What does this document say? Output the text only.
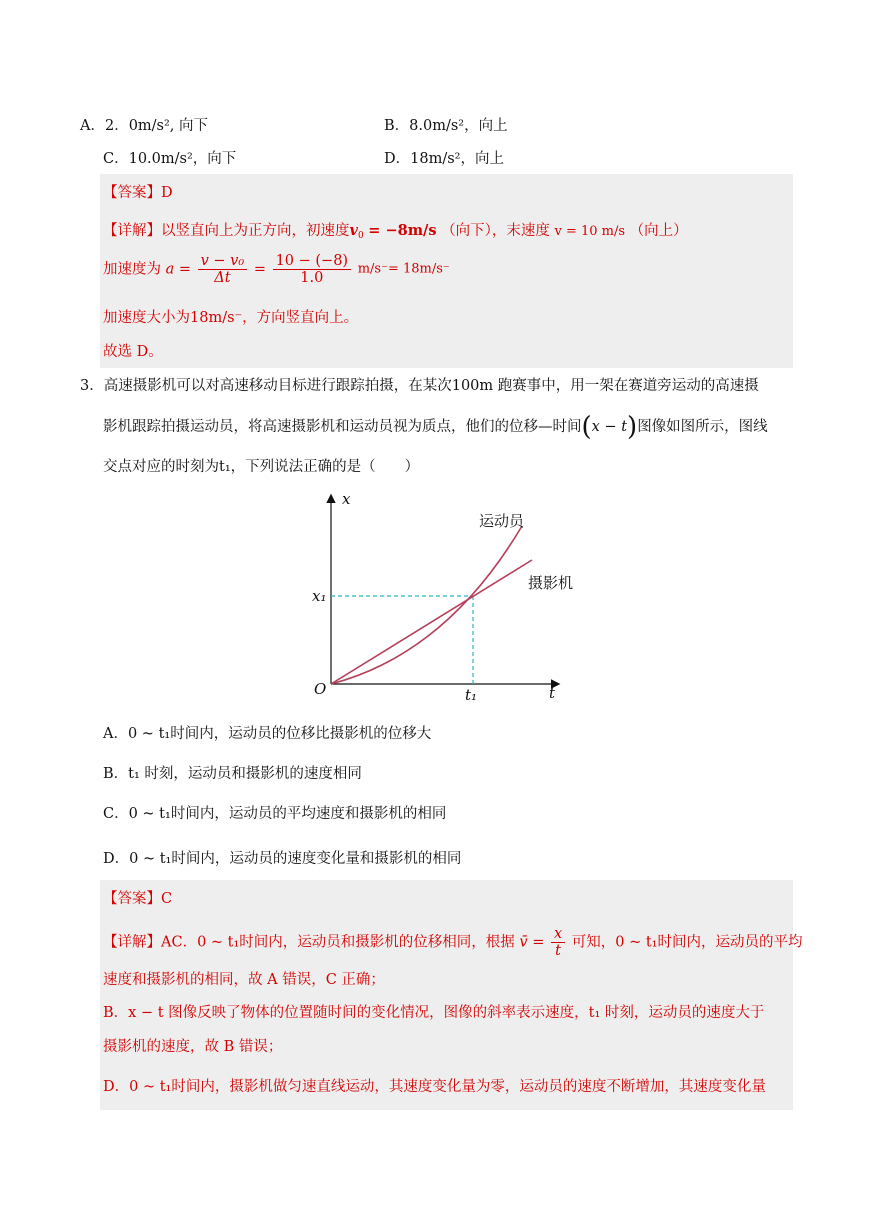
A．2．0m/s², 向下	B．8.0m/s²，向上
C．10.0m/s²，向下	D．18m/s²，向上
【答案】D
【详解】以竖直向上为正方向，初速度$v_0 = -8m/s$ （向下），末速度 v = 10 m/s （向上）
加速度为 $a = \frac{\text{v − v₀}}{\Delta t} = \frac{10 - (-8)}{1.0} m/s^-= 18m/s^-$
加速度大小为18m/s⁻，方向竖直向上。
故选 D。
3．高速摄影机可以对高速移动目标进行跟踪拍摄，在某次100m 跑赛事中，用一架在赛道旁运动的高速摄
影机跟踪拍摄运动员，将高速摄影机和运动员视为质点，他们的位移—时间(x − t)图像如图所示，图线
交点对应的时刻为t₁，下列说法正确的是（　　）
x
t
O
x₁
t₁
运动员
摄影机
A．0 ~ t₁时间内，运动员的位移比摄影机的位移大
B．t₁ 时刻，运动员和摄影机的速度相同
C．0 ~ t₁时间内，运动员的平均速度和摄影机的相同
D．0 ~ t₁时间内，运动员的速度变化量和摄影机的相同
【答案】C
【详解】AC．0 ~ t₁时间内，运动员和摄影机的位移相同，根据 v̄ = $\frac{x}{t}$ 可知，0 ~ t₁时间内，运动员的平均
速度和摄影机的相同，故 A 错误，C 正确；
B．x − t 图像反映了物体的位置随时间的变化情况，图像的斜率表示速度，t₁ 时刻，运动员的速度大于
摄影机的速度，故 B 错误；
D．0 ~ t₁时间内，摄影机做匀速直线运动，其速度变化量为零，运动员的速度不断增加，其速度变化量
